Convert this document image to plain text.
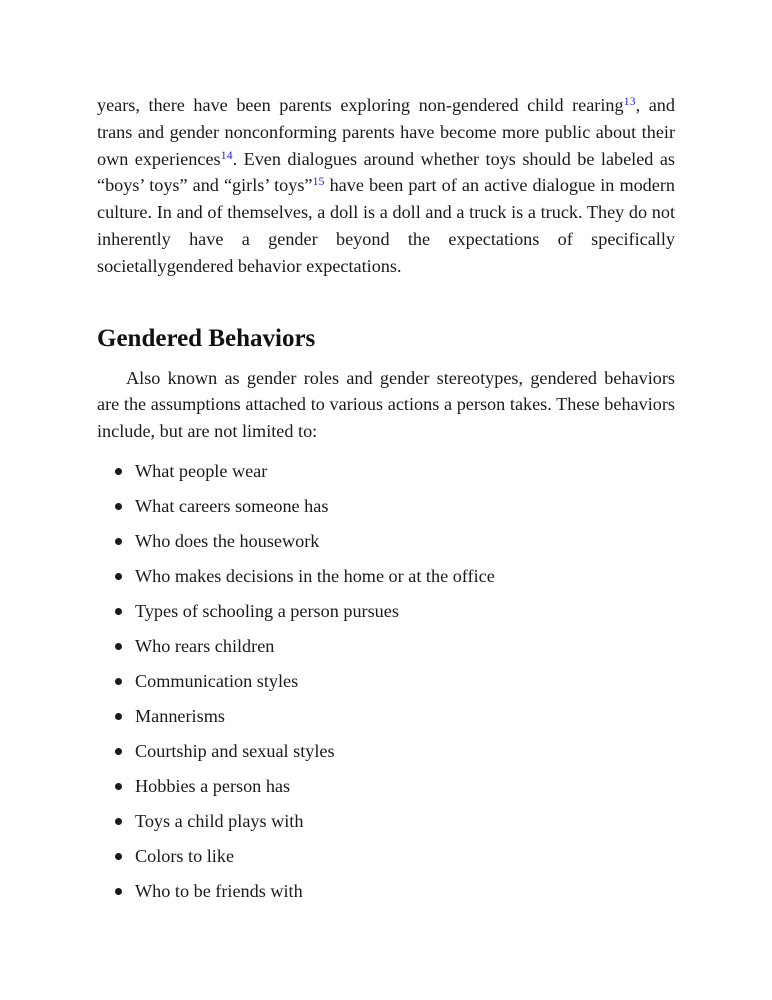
years, there have been parents exploring non-gendered child rearing$^{13}$, and trans and gender nonconforming parents have become more public about their own experiences$^{14}$. Even dialogues around whether toys should be labeled as “boys’ toys” and “girls’ toys”$^{15}$ have been part of an active dialogue in modern culture. In and of themselves, a doll is a doll and a truck is a truck. They do not inherently have a gender beyond the expectations of specifically societallygendered behavior expectations.

Gendered Behaviors

Also known as gender roles and gender stereotypes, gendered behaviors are the assumptions attached to various actions a person takes. These behaviors include, but are not limited to:

What people wear
What careers someone has
Who does the housework
Who makes decisions in the home or at the office
Types of schooling a person pursues
Who rears children
Communication styles
Mannerisms
Courtship and sexual styles
Hobbies a person has
Toys a child plays with
Colors to like
Who to be friends with
